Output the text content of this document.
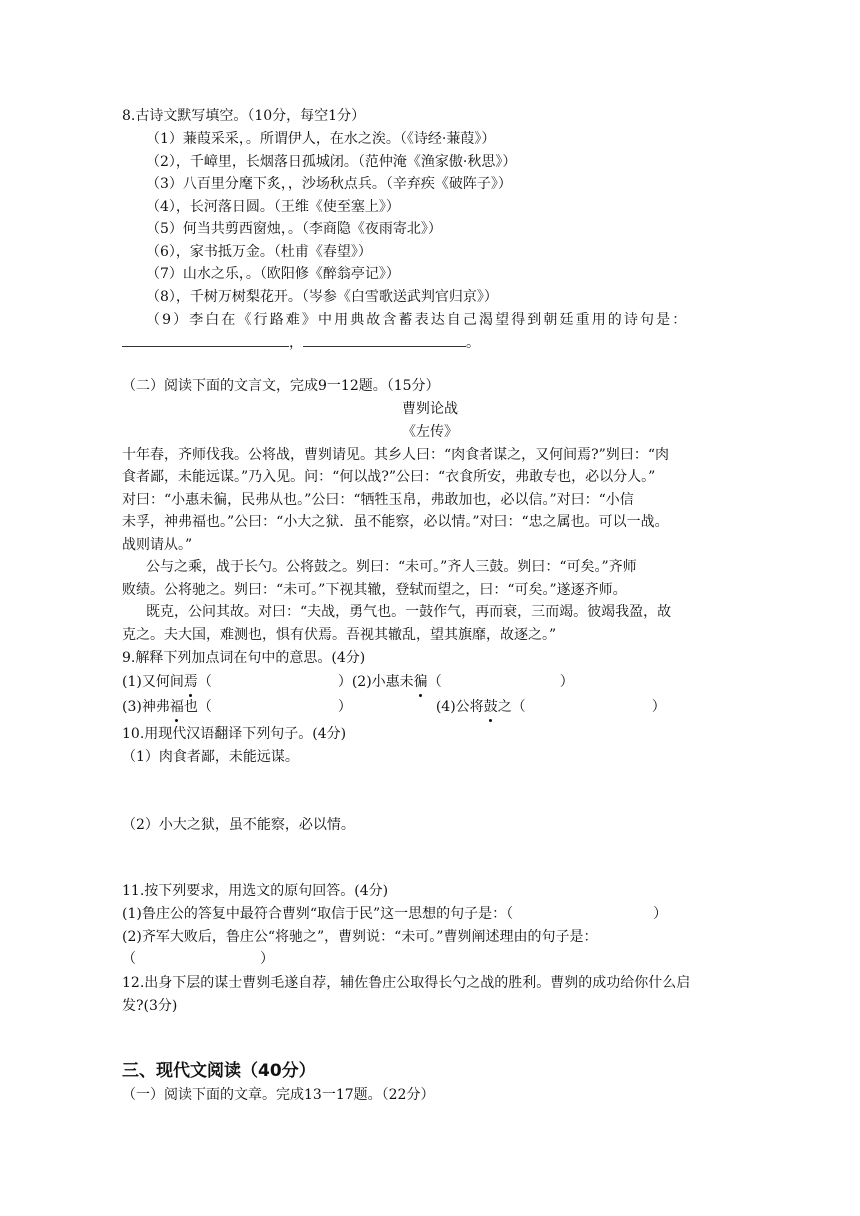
8.古诗文默写填空。（10分，每空1分）
（1）蒹葭采采，。所谓伊人，在水之涘。（《诗经·蒹葭》）
（2），千嶂里，长烟落日孤城闭。（范仲淹《渔家傲·秋思》）
（3）八百里分麾下炙，，沙场秋点兵。（辛弃疾《破阵子》）
（4），长河落日圆。（王维《使至塞上》）
（5）何当共剪西窗烛，。（李商隐《夜雨寄北》）
（6），家书抵万金。（杜甫《春望》）
（7）山水之乐，。（欧阳修《醉翁亭记》）
（8），千树万树梨花开。（岑参《白雪歌送武判官归京》）
（9）李白在《行路难》中用典故含蓄表达自己渴望得到朝廷重用的诗句是：
，	。
（二）阅读下面的文言文，完成9一12题。（15分）
曹刿论战
《左传》
十年春，齐师伐我。公将战，曹刿请见。其乡人曰：“肉食者谋之，又何间焉?”刿曰：“肉
食者鄙，未能远谋。”乃入见。问：“何以战?”公曰：“衣食所安，弗敢专也，必以分人。”
对曰：“小惠未徧，民弗从也。”公曰：“牺牲玉帛，弗敢加也，必以信。”对曰：“小信
未孚，神弗福也。”公曰：“小大之狱．虽不能察，必以情。”对曰：“忠之属也。可以一战。
战则请从。”
公与之乘，战于长勺。公将鼓之。刿曰：“未可。”齐人三鼓。刿曰：“可矣。”齐师
败绩。公将驰之。刿曰：“未可。”下视其辙，登轼而望之，曰：“可矣。”遂逐齐师。
既克，公问其故。对曰：“夫战，勇气也。一鼓作气，再而衰，三而竭。彼竭我盈，故
克之。夫大国，难测也，惧有伏焉。吾视其辙乱，望其旗靡，故逐之。”
9.解释下列加点词在句中的意思。(4分)
(1)又何间焉（	）(2)小惠未徧（	）
(3)神弗福也（	）	(4)公将鼓之（	）
10.用现代汉语翻译下列句子。(4分)
（1）肉食者鄙，未能远谋。
（2）小大之狱，虽不能察，必以情。
11.按下列要求，用选文的原句回答。(4分)
(1)鲁庄公的答复中最符合曹刿“取信于民”这一思想的句子是：（	）
(2)齐军大败后，鲁庄公“将驰之”，曹刿说：“未可。”曹刿阐述理由的句子是：
（	）
12.出身下层的谋士曹刿毛遂自荐，辅佐鲁庄公取得长勺之战的胜利。曹刿的成功给你什么启
发?(3分)
三、现代文阅读（40分）
（一）阅读下面的文章。完成13一17题。（22分）
